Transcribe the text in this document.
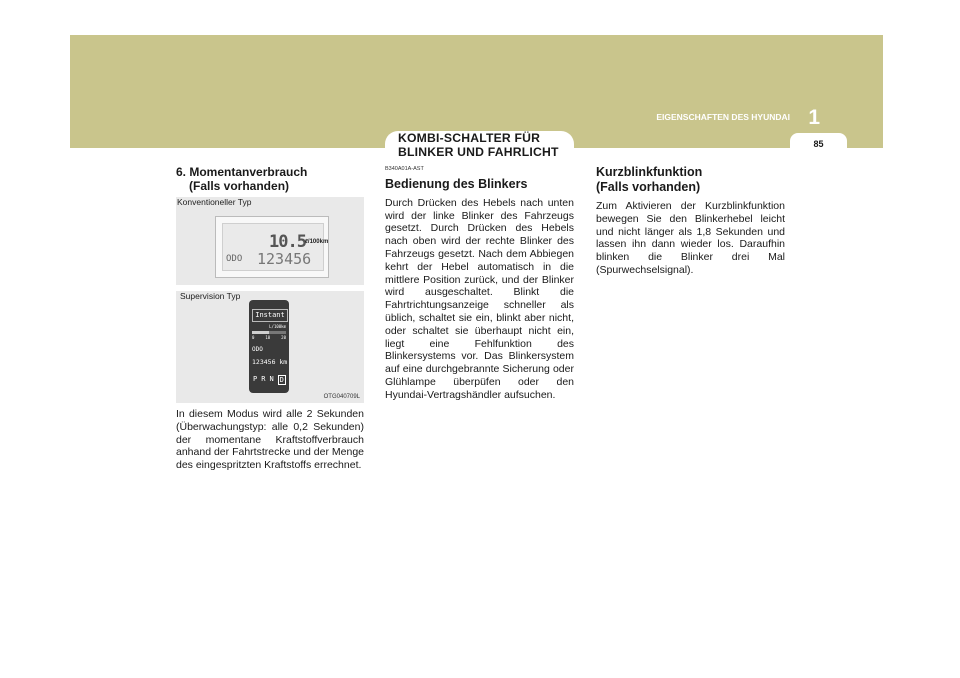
1
EIGENSCHAFTEN DES HYUNDAI
85
KOMBI-SCHALTER FÜR
BLINKER UND FAHRLICHT
6. Momentanverbrauch
(Falls vorhanden)
Konventioneller Typ
10.5 ℓ/100km
ODO 123456
Supervision Typ
Instant
L/100km
0	10	20
ODO
123456 km
P R N D
OTG040709L
In diesem Modus wird alle 2 Sekunden (Überwachungstyp: alle 0,2 Sekunden) der momentane Kraftstoffverbrauch anhand der Fahrtstrecke und der Menge des eingespritzten Kraftstoffs errechnet.
B340A01A-AST
Bedienung des Blinkers
Durch Drücken des Hebels nach unten wird der linke Blinker des Fahrzeugs gesetzt. Durch Drücken des Hebels nach oben wird der rechte Blinker des Fahrzeugs gesetzt. Nach dem Abbiegen kehrt der Hebel automatisch in die mittlere Position zurück, und der Blinker wird ausgeschaltet. Blinkt die Fahrtrichtungsanzeige schneller als üblich, schaltet sie ein, blinkt aber nicht, oder schaltet sie überhaupt nicht ein, liegt eine Fehlfunktion des Blinkersystems vor. Das Blinkersystem auf eine durchgebrannte Sicherung oder Glühlampe überpüfen oder den Hyundai-Vertragshändler aufsuchen.
Kurzblinkfunktion
(Falls vorhanden)
Zum Aktivieren der Kurzblinkfunktion bewegen Sie den Blinkerhebel leicht und nicht länger als 1,8 Sekunden und lassen ihn dann wieder los. Daraufhin blinken die Blinker drei Mal (Spurwechselsignal).
